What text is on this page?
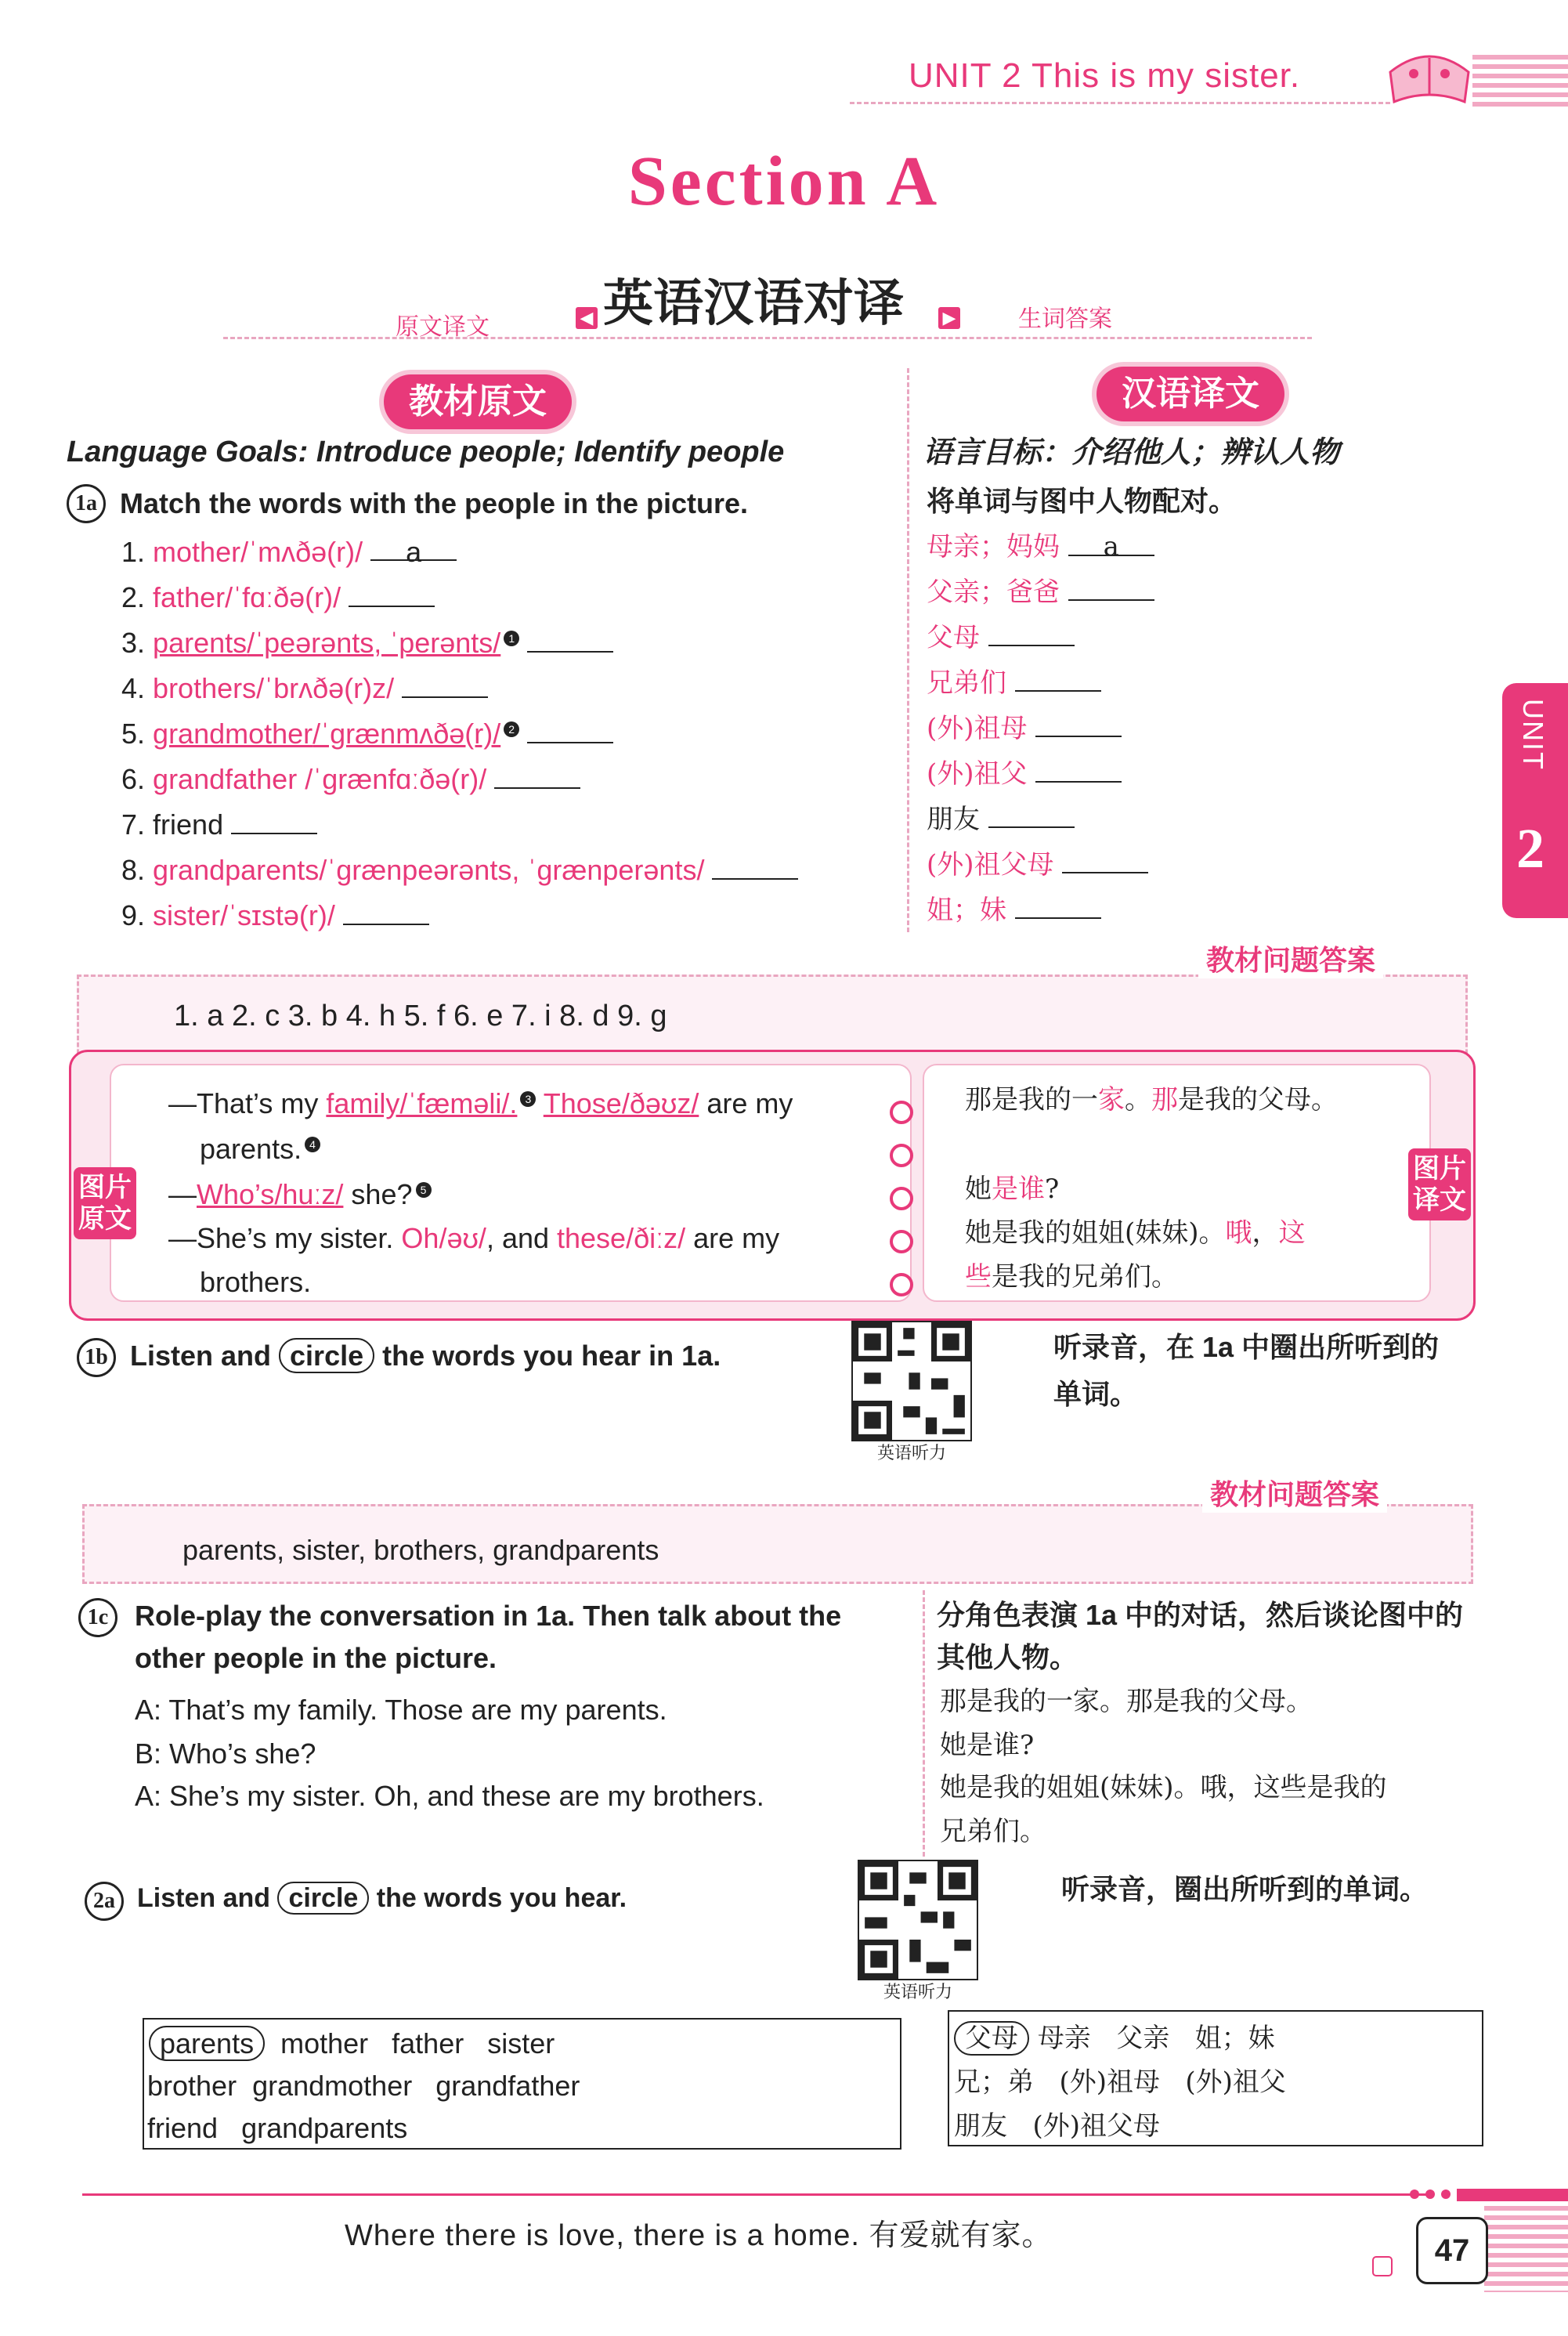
UNIT 2 This is my sister.
Section A
原文译文	◀ 英语汉语对译 ▶	生词答案
教材原文	汉语译文
Language Goals: Introduce people; Identify people	语言目标：介绍他人；辨认人物
1a Match the words with the people in the picture.	将单词与图中人物配对。
1. mother/ˈmʌðə(r)/ a
2. father/ˈfɑːðə(r)/
3. parents/ˈpeərənts, ˈperənts/ 1
4. brothers/ˈbrʌðə(r)z/
5. grandmother/ˈɡrænmʌðə(r)/ 2
6. grandfather /ˈɡrænfɑːðə(r)/
7. friend
8. grandparents/ˈɡrænpeərənts, ˈɡrænperənts/
9. sister/ˈsɪstə(r)/
母亲；妈妈 a
父亲；爸爸
父母
兄弟们
(外)祖母
(外)祖父
朋友
(外)祖父母
姐；妹
教材问题答案
1. a 2. c 3. b 4. h 5. f 6. e 7. i 8. d 9. g
图片原文
图片译文
—That’s my family/ˈfæməli/. 3 Those/ðəʊz/ are my
parents. 4
—Who’s/huːz/ she? 5
—She’s my sister. Oh/əʊ/, and these/ðiːz/ are my
brothers.
那是我的一家。那是我的父母。
她是谁?
她是我的姐姐(妹妹)。哦，这
些是我的兄弟们。
1b Listen and circle the words you hear in 1a.
英语听力
听录音，在 1a 中圈出所听到的
单词。
教材问题答案
parents, sister, brothers, grandparents
1c Role-play the conversation in 1a. Then talk about the
other people in the picture.
A: That’s my family. Those are my parents.
B: Who’s she?
A: She’s my sister. Oh, and these are my brothers.
分角色表演 1a 中的对话，然后谈论图中的
其他人物。
那是我的一家。那是我的父母。
她是谁?
她是我的姐姐(妹妹)。哦，这些是我的
兄弟们。
2a Listen and circle the words you hear.
英语听力
听录音，圈出所听到的单词。
parents mother father sister
brother grandmother grandfather
friend grandparents
父母 母亲 父亲 姐；妹
兄；弟 (外)祖母 (外)祖父
朋友 (外)祖父母
UNIT
2
Where there is love, there is a home. 有爱就有家。	47
